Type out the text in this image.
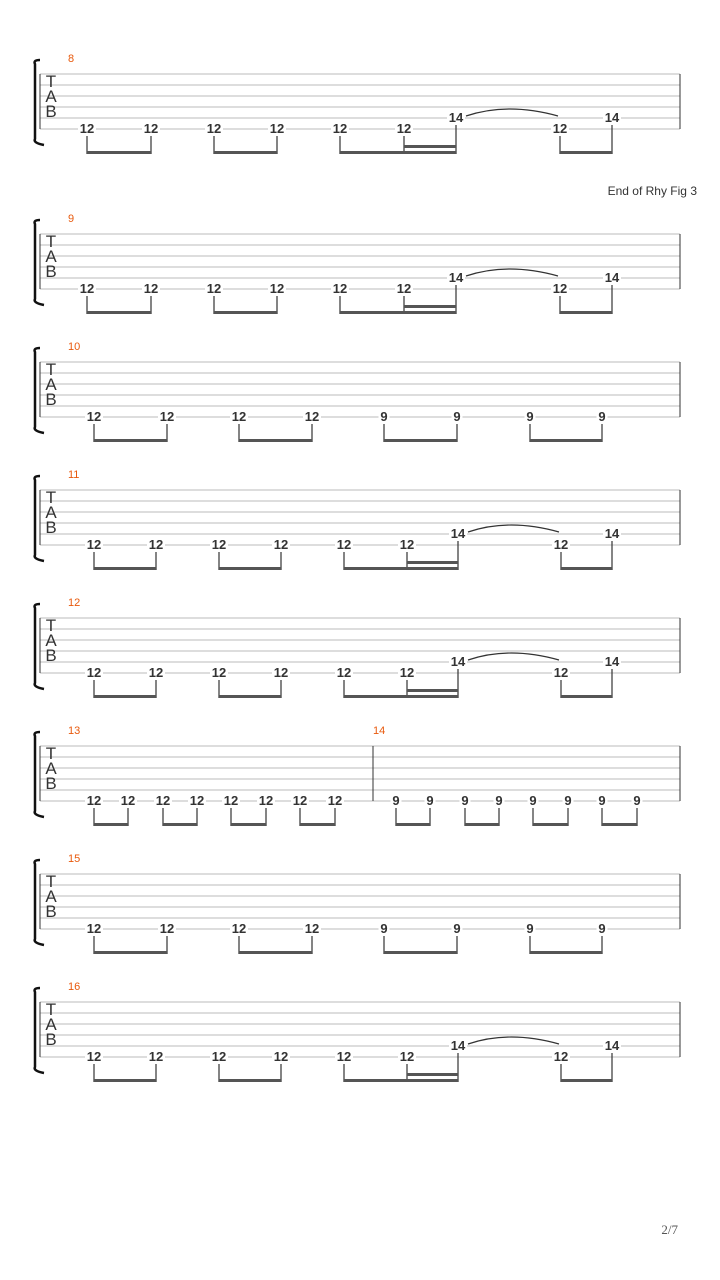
T
A
B
8
12	12	12	12	12	12
14
12
14
T
A
B
9
12	12	12	12	12	12
14
12
14
T
A
B
10
12	12	12	12	9	9	9	9
T
A
B
11
12	12	12	12	12	12
14
12
14
T
A
B
12
12	12	12	12	12	12
14
12
14
T
A
B
13
12 12 12 12 12 12 12 12
14
9 9 9 9 9 9 9 9
T
A
B
15
12	12	12	12	9	9	9	9
T
A
B
16
12	12	12	12	12	12
14
12
14
End of Rhy Fig 3
2/7
